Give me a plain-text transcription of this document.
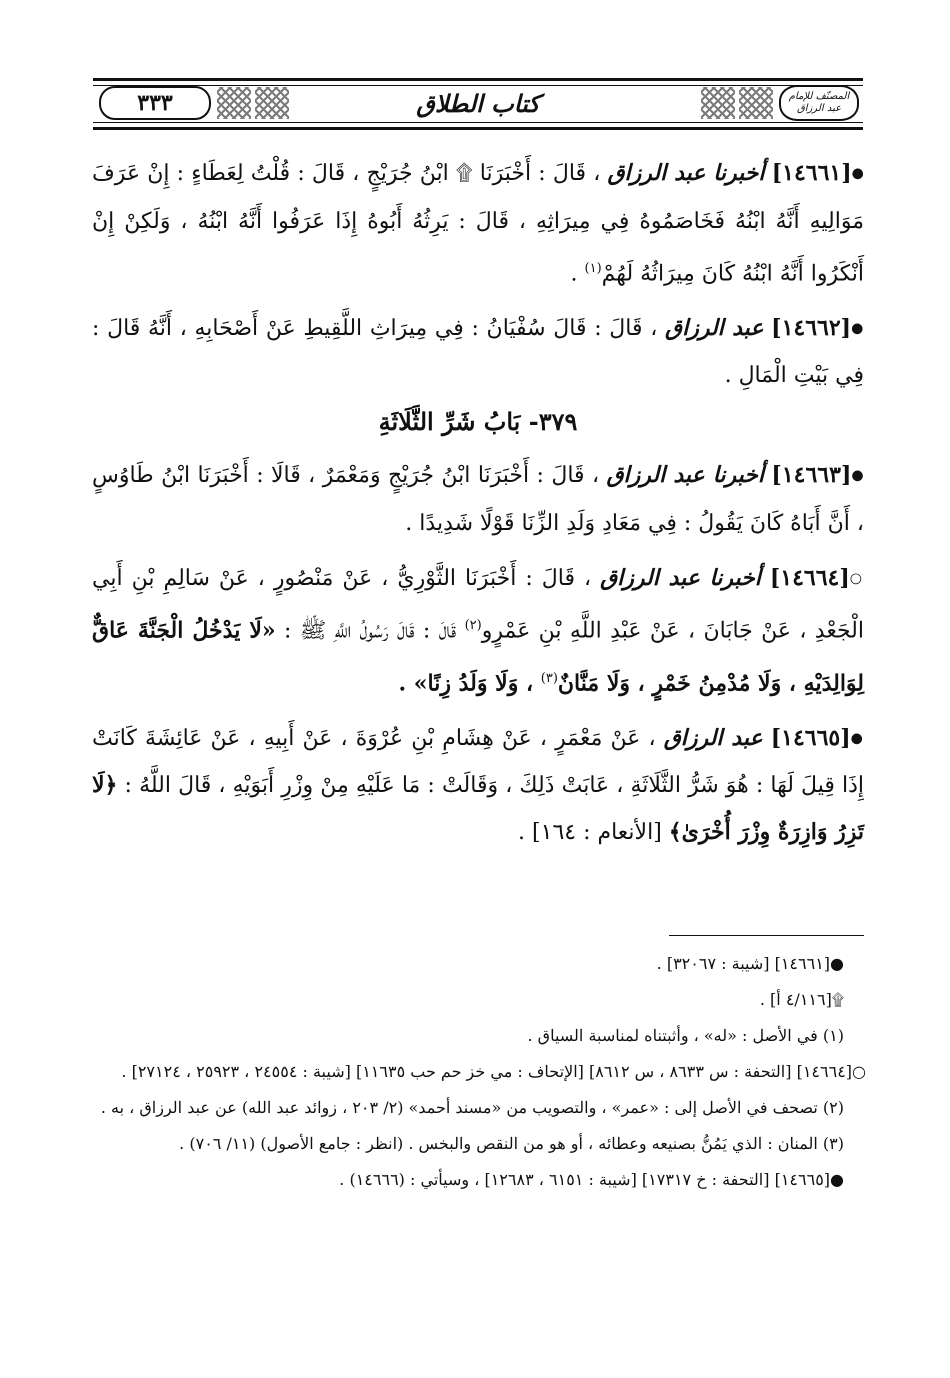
المصنّف للإمام عبد الرزاق
كتاب الطلاق
٣٣٣

●[١٤٦٦١] أخبرنا عبد الرزاق ، قَالَ : أَخْبَرَنَا ۩ ابْنُ جُرَيْجٍ ، قَالَ : قُلْتُ لِعَطَاءٍ : إِنْ عَرَفَ مَوَالِيهِ أَنَّهُ ابْنُهُ فَخَاصَمُوهُ فِي مِيرَاثِهِ ، قَالَ : يَرِثُهُ أَبُوهُ إِذَا عَرَفُوا أَنَّهُ ابْنُهُ ، وَلَكِنْ إِنْ أَنْكَرُوا أَنَّهُ ابْنُهُ كَانَ مِيرَاثُهُ لَهُمْ$^{(١)}$ .

●[١٤٦٦٢] عبد الرزاق ، قَالَ : قَالَ سُفْيَانُ : فِي مِيرَاثِ اللَّقِيطِ عَنْ أَصْحَابِهِ ، أَنَّهُ قَالَ : فِي بَيْتِ الْمَالِ .

٣٧٩- بَابُ شَرِّ الثَّلَاثَةِ

●[١٤٦٦٣] أخبرنا عبد الرزاق ، قَالَ : أَخْبَرَنَا ابْنُ جُرَيْجٍ وَمَعْمَرٌ ، قَالَا : أَخْبَرَنَا ابْنُ طَاوُسٍ ، أَنَّ أَبَاهُ كَانَ يَقُولُ : فِي مَعَادِ وَلَدِ الزِّنَا قَوْلًا شَدِيدًا .

○[١٤٦٦٤] أخبرنا عبد الرزاق ، قَالَ : أَخْبَرَنَا الثَّوْرِيُّ ، عَنْ مَنْصُورٍ ، عَنْ سَالِمِ بْنِ أَبِي الْجَعْدِ ، عَنْ جَابَانَ ، عَنْ عَبْدِ اللَّهِ بْنِ عَمْرٍو$^{(٢)}$ قَالَ : قَالَ رَسُولُ اللَّهِ ﷺ : «لَا يَدْخُلُ الْجَنَّةَ عَاقٌّ لِوَالِدَيْهِ ، وَلَا مُدْمِنُ خَمْرٍ ، وَلَا مَنَّانٌ$^{(٣)}$ ، وَلَا وَلَدُ زِنًا» .

●[١٤٦٦٥] عبد الرزاق ، عَنْ مَعْمَرٍ ، عَنْ هِشَامِ بْنِ عُرْوَةَ ، عَنْ أَبِيهِ ، عَنْ عَائِشَةَ كَانَتْ إِذَا قِيلَ لَهَا : هُوَ شَرُّ الثَّلَاثَةِ ، عَابَتْ ذَلِكَ ، وَقَالَتْ : مَا عَلَيْهِ مِنْ وِزْرِ أَبَوَيْهِ ، قَالَ اللَّهُ : ﴿لَا تَزِرُ وَازِرَةٌ وِزْرَ أُخْرَىٰ﴾ [الأنعام : ١٦٤] .

●[١٤٦٦١] [شيبة : ٣٢٠٦٧] .

۩[٤/١١٦ أ] .

(١) في الأصل : «له» ، وأثبتناه لمناسبة السياق .

○[١٤٦٦٤] [التحفة : س ٨٦٣٣ ، س ٨٦١٢] [الإتحاف : مي خز حم حب ١١٦٣٥] [شيبة : ٢٤٥٥٤ ، ٢٥٩٢٣ ، ٢٧١٢٤] .

(٢) تصحف في الأصل إلى : «عمر» ، والتصويب من «مسند أحمد» (٢/ ٢٠٣ ، زوائد عبد الله) عن عبد الرزاق ، به .

(٣) المنان : الذي يَمُنُّ بصنيعه وعطائه ، أو هو من النقص والبخس . (انظر : جامع الأصول) (١١/ ٧٠٦) .

●[١٤٦٦٥] [التحفة : خ ١٧٣١٧] [شيبة : ٦١٥١ ، ١٢٦٨٣] ، وسيأتي : (١٤٦٦٦) .
